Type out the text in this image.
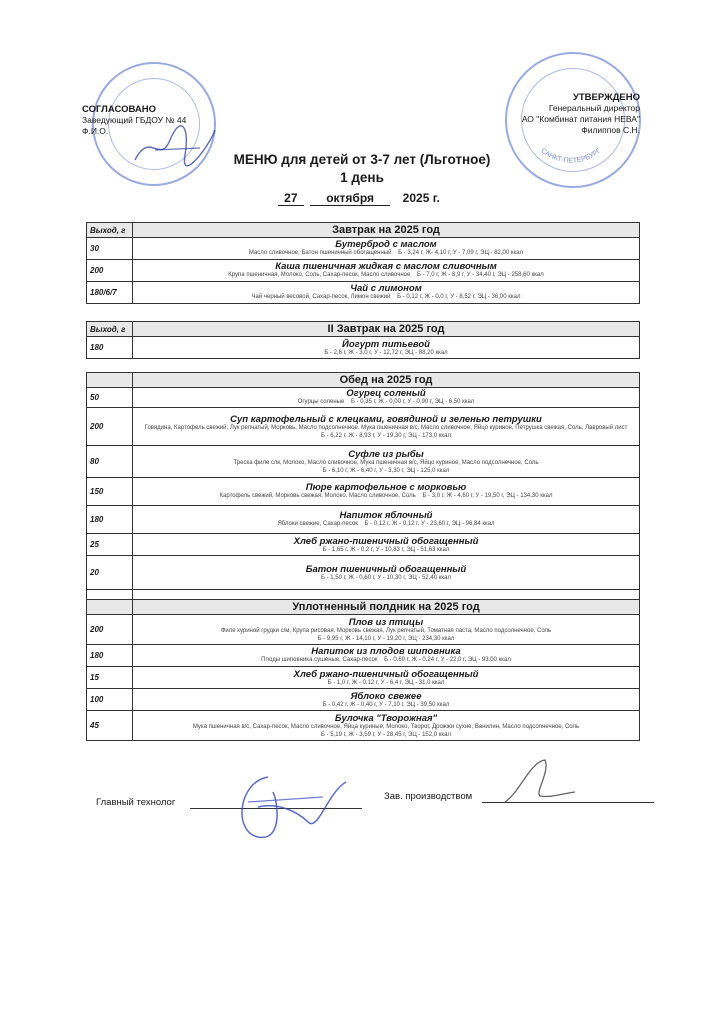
САНКТ-ПЕТЕРБУРГ
СОГЛАСОВАНО
Заведующий ГБДОУ № 44
Ф.И.О.
УТВЕРЖДЕНО
Генеральный директор
АО "Комбинат питания НЕВА"
Филиппов С.Н.
МЕНЮ для детей от 3-7 лет (Льготное)
1 день
27 октября 2025 г.
Выход, г	Завтрак на 2025 год
30	Бутерброд с маслом
Масло сливочное, Батон пшеничный обогащенный Б - 3,24 г, Ж- 4,10 г, У - 7,09 г, ЭЦ - 82,00 ккал

200	Каша пшеничная жидкая с маслом сливочным
Крупа пшеничная, Молоко, Соль, Сахар-песок, Масло сливочное Б - 7,0 г, Ж - 8,9 г, У - 34,40 г, ЭЦ - 258,60 ккал

180/6/7	Чай с лимоном
Чай черный весовой, Сахар-песок, Лимон свежий Б - 0,12 г, Ж - 0,0 г, У - 8,52 г, ЭЦ - 36,00 ккал
Выход, г	II Завтрак на 2025 год
180	Йогурт питьевой
Б - 2,6 г, Ж - 3,0 г, У - 12,72 г, ЭЦ - 88,20 ккал
	Обед на 2025 год
50	Огурец соленый
Огурцы соленые Б - 0,35 г, Ж - 0,00 г, У - 0,90 г, ЭЦ - 6,50 ккал

200	Суп картофельный с клецками, говядиной и зеленью петрушки
Говядина, Картофель свежий, Лук репчатый, Морковь, Масло подсолнечное, Мука пшеничная в/с, Масло сливочное, Яйцо куриное, Петрушка свежая, Соль, Лавровый лист
Б - 6,22 г, Ж - 8,93 г, У - 19,30 г, ЭЦ - 173,0 ккал

80	Суфле из рыбы
Треска филе с/м, Молоко, Масло сливочное, Мука пшеничная в/с, Яйцо куриное, Масло подсолнечное, Соль
Б - 6,10 г, Ж - 6,40 г, У - 3,30 г, ЭЦ - 125,0 ккал

150	Пюре картофельное с морковью
Картофель свежий, Морковь свежая, Молоко, Масло сливочное, Соль Б - 3,0 г, Ж - 4,60 г, У - 19,50 г, ЭЦ - 134,30 ккал

180	Напиток яблочный
Яблоки свежие, Сахар-песок Б - 0,12 г, Ж - 0,12 г, У - 23,60 г, ЭЦ - 96,84 ккал

25	Хлеб ржано-пшеничный обогащенный
Б - 1,65 г, Ж - 0,2 г, У - 10,83 г, ЭЦ - 51,63 ккал

20	Батон пшеничный обогащенный
Б - 1,50 г, Ж - 0,60 г, У - 10,30 г, ЭЦ - 52,40 ккал

	Уплотненный полдник на 2025 год
200	Плов из птицы
Филе куриной грудки с/м, Крупа рисовая, Морковь свежая, Лук репчатый, Томатная паста, Масло подсолнечное, Соль
Б - 9,95 г, Ж - 14,10 г, У - 19,20 г, ЭЦ - 234,30 ккал

180	Напиток из плодов шиповника
Плоды шиповника сушеные, Сахар-песок Б - 0,60 г, Ж - 0,24 г, У - 22,0 г, ЭЦ - 93,00 ккал

15	Хлеб ржано-пшеничный обогащенный
Б - 1,0 г, Ж - 0,12 г, У - 6,4 г, ЭЦ - 31,0 ккал

100	Яблоко свежее
Б - 0,42 г, Ж - 0,40 г, У - 7,10 г, ЭЦ - 39,50 ккал

45	Булочка "Творожная"
Мука пшеничная в/с, Сахар-песок, Масло сливочное, Яйца куриные, Молоко, Творог, Дрожжи сухие, Ванилин, Масло подсолнечное, Соль
Б - 5,19 г, Ж - 3,59 г, У - 28,45 г, ЭЦ - 152,0 ккал
Главный технолог
Зав. производством
